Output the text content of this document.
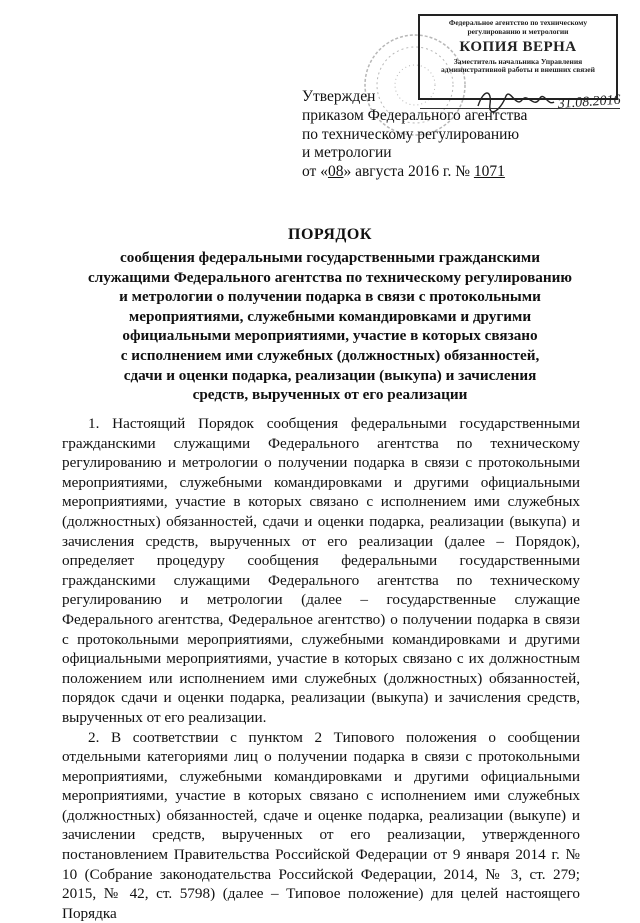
Федеральное агентство по техническому
регулированию и метрологии
КОПИЯ ВЕРНА
Заместитель начальника Управления
административной работы и внешних связей
31.08.2016
Утвержден
приказом Федерального агентства
по техническому регулированию
и метрологии
от «08» августа 2016 г. № 1071
ПОРЯДОК
сообщения федеральными государственными гражданскими
служащими Федерального агентства по техническому регулированию
и метрологии о получении подарка в связи с протокольными
мероприятиями, служебными командировками и другими
официальными мероприятиями, участие в которых связано
с исполнением ими служебных (должностных) обязанностей,
сдачи и оценки подарка, реализации (выкупа) и зачисления
средств, вырученных от его реализации

1. Настоящий Порядок сообщения федеральными государственными гражданскими служащими Федерального агентства по техническому регулированию и метрологии о получении подарка в связи с протокольными мероприятиями, служебными командировками и другими официальными мероприятиями, участие в которых связано с исполнением ими служебных (должностных) обязанностей, сдачи и оценки подарка, реализации (выкупа) и зачисления средств, вырученных от его реализации (далее – Порядок), определяет процедуру сообщения федеральными государственными гражданскими служащими Федерального агентства по техническому регулированию и метрологии (далее – государственные служащие Федерального агентства, Федеральное агентство) о получении подарка в связи с протокольными мероприятиями, служебными командировками и другими официальными мероприятиями, участие в которых связано с их должностным положением или исполнением ими служебных (должностных) обязанностей, порядок сдачи и оценки подарка, реализации (выкупа) и зачисления средств, вырученных от его реализации.

2. В соответствии с пунктом 2 Типового положения о сообщении отдельными категориями лиц о получении подарка в связи с протокольными мероприятиями, служебными командировками и другими официальными мероприятиями, участие в которых связано с исполнением ими служебных (должностных) обязанностей, сдаче и оценке подарка, реализации (выкупе) и зачислении средств, вырученных от его реализации, утвержденного постановлением Правительства Российской Федерации от 9 января 2014 г. № 10 (Собрание законодательства Российской Федерации, 2014, № 3, ст. 279; 2015, № 42, ст. 5798) (далее – Типовое положение) для целей настоящего Порядка
